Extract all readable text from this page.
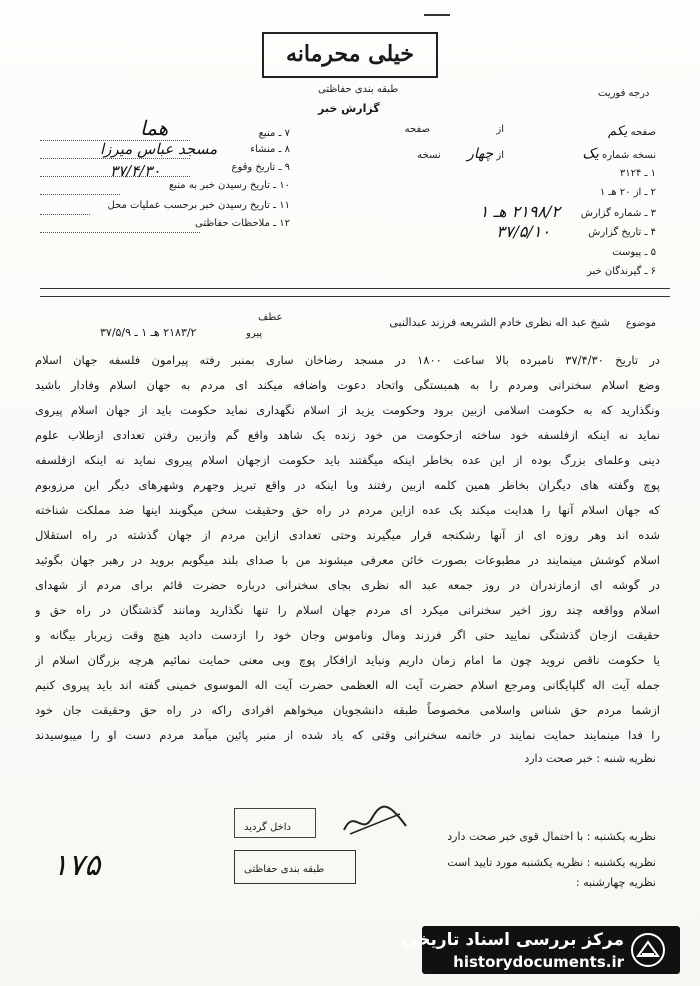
خیلی محرمانه
طبقه بندی حفاظتی
گزارش خبر
درجه فوریت
۷ ـ منبع
۸ ـ منشاء
۹ ـ تاریخ وقوع
۱۰ ـ تاریخ رسیدن خبر به منبع
۱۱ ـ تاریخ رسیدن خبر برحسب عملیات محل
۱۲ ـ ملاحظات حفاظتی
هما
مسجد عباس میرزا
۳۷/۴/۳۰
صفحه یکم
از  صفحه
نسخه شماره یک
از چهار  نسخه
۱ ـ ۳۱۲۴
۲ ـ از ۲۰ هـ ۱
۳ ـ شماره گزارش
۲۱۹۸/۲ هـ ۱
۴ ـ تاریخ گزارش
۳۷/۵/۱۰
۵ ـ پیوست
۶ ـ گیرندگان خبر
موضوع
شیخ عبد اله نظری خادم الشریعه فرزند عبدالنبی
عطف
پیرو
۲۱۸۳/۲ هـ ۱ ـ ۳۷/۵/۹
در تاریخ ۳۷/۴/۳۰ نامبرده بالا ساعت ۱۸۰۰ در مسجد رضاخان ساری بمنبر رفته پیرامون فلسفه جهان اسلام
وضع اسلام سخنرانی ومردم را به همبستگی واتحاد دعوت واضافه میکند ای مردم به جهان اسلام وفادار باشید
ونگذارید که به حکومت اسلامی ازبین برود وحکومت یزید از اسلام نگهداری نماید حکومت باید از جهان اسلام پیروی
نماید نه اینکه ازفلسفه خود ساخته ازحکومت من خود زنده یک شاهد واقع گم وازبین رفتن تعدادی ازطلاب علوم
دینی وعلمای بزرگ بوده از این عده بخاطر اینکه میگفتند باید حکومت ازجهان اسلام پیروی نماید نه اینکه ازفلسفه
پوچ وگفته های دیگران بخاطر همین کلمه ازبین رفتند وبا اینکه در واقع تبریز وجهرم وشهرهای دیگر این مرزوبوم
که جهان اسلام آنها را هدایت میکند یک عده ازاین مردم در راه حق وحقیقت سخن میگویند اینها ضد مملکت شناخته
شده اند وهر روزه ای از آنها رشکنجه قرار میگیرند وحتی تعدادی ازاین مردم از جهان گذشته در راه استقلال
اسلام کوشش مینمایند در مطبوعات بصورت خائن معرفی میشوند من با صدای بلند میگویم بروید در رهبر جهان بگوئید
در گوشه ای ازمازندران در روز جمعه عبد اله نظری بجای سخنرانی درباره حضرت قائم برای مردم از شهدای
اسلام وواقعه چند روز اخیر سخنرانی میکرد ای مردم جهان اسلام را تنها نگذارید ومانند گذشتگان در راه حق و
حقیقت ازجان گذشتگی نمایید حتی اگر فرزند ومال وناموس وجان خود را ازدست دادید هیچ وقت زیربار بیگانه و
یا حکومت ناقص نروید چون ما امام زمان داریم ونباید ازافکار پوچ وبی معنی حمایت نمائیم هرچه بزرگان اسلام از
جمله آیت اله گلپایگانی ومرجع اسلام حضرت آیت اله العظمی حضرت آیت اله الموسوی خمینی گفته اند باید پیروی کنیم
ازشما مردم حق شناس واسلامی مخصوصاً طبقه دانشجویان میخواهم افرادی راکه در راه حق وحقیقت جان خود
را فدا مینمایند حمایت نمایند در خاتمه سخنرانی وقتی که یاد شده از منبر پائین میآمد مردم دست او را میبوسیدند
نظریه شنبه : خبر صحت دارد
نظریه یکشنبه : با احتمال قوی خبر صحت دارد
نظریه یکشنبه : نظریه یکشنبه مورد تایید است
نظریه چهارشنبه :
داخل گردید
طبقه بندی حفاظتی
۱۷۵
مرکز بررسی اسناد تاریخی
historydocuments.ir
